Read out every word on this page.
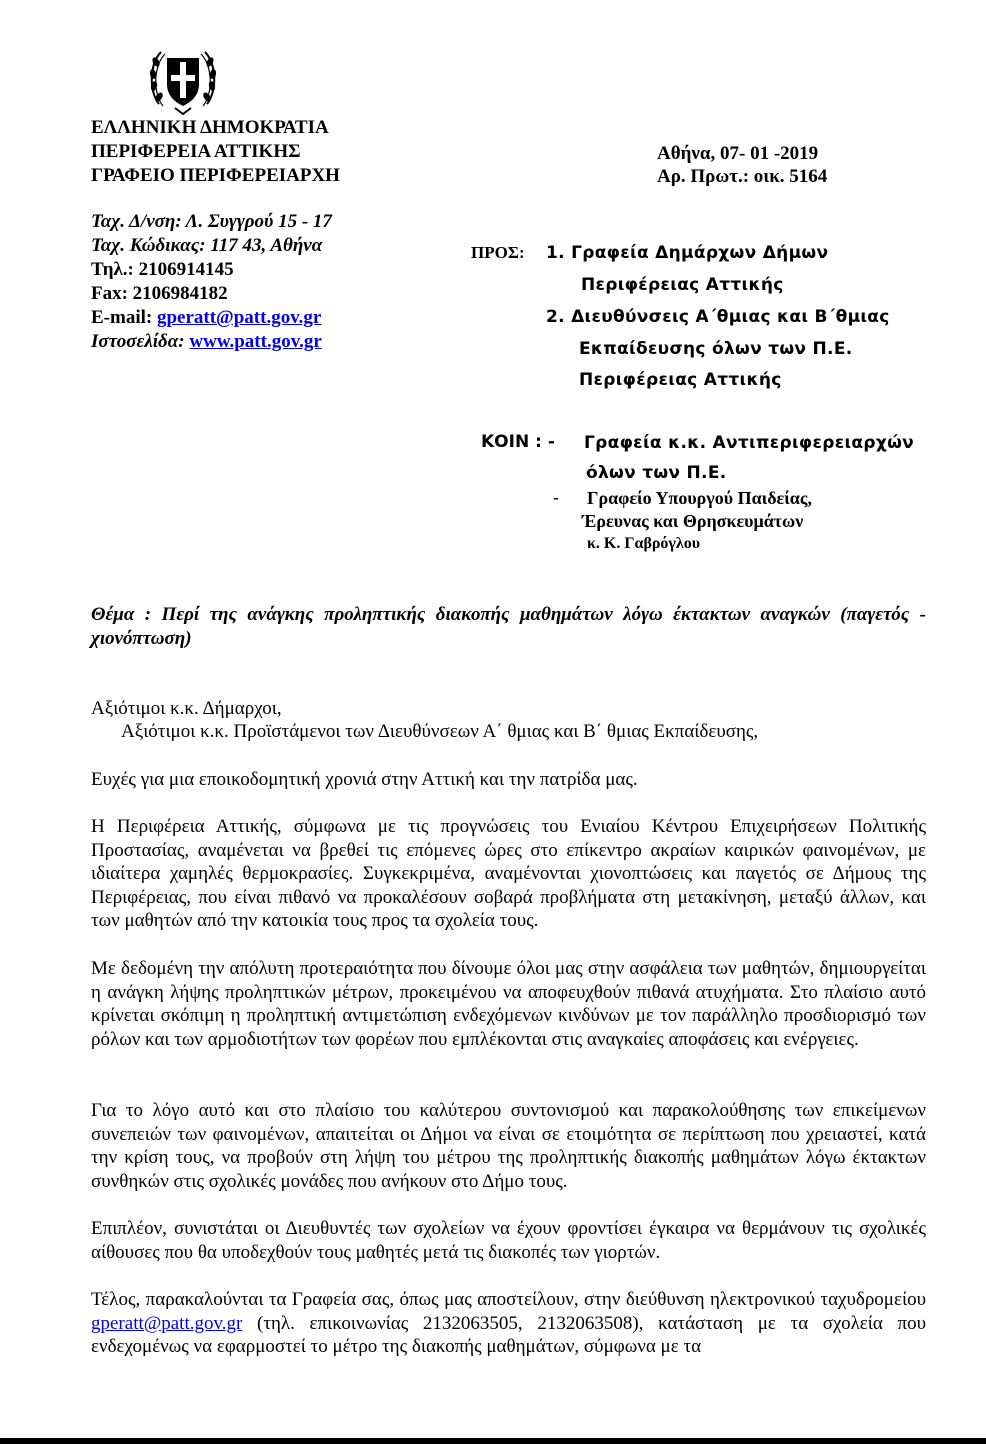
ΕΛΛΗΝΙΚΗ ΔΗΜΟΚΡΑΤΙΑ
ΠΕΡΙΦΕΡΕΙΑ ΑΤΤΙΚΗΣ
ΓΡΑΦΕΙΟ ΠΕΡΙΦΕΡΕΙΑΡΧΗ
Αθήνα, 07- 01 -2019
Αρ. Πρωτ.: οικ. 5164
Ταχ. Δ/νση: Λ. Συγγρού 15 - 17
Ταχ. Κώδικας: 117 43, Αθήνα
Τηλ.: 2106914145
Fax: 2106984182
E-mail: gperatt@patt.gov.gr
Ιστοσελίδα: www.patt.gov.gr
ΠΡΟΣ: 1. Γραφεία Δημάρχων Δήμων
Περιφέρειας Αττικής
2. Διευθύνσεις Α΄θμιας και Β΄θμιας
Εκπαίδευσης όλων των Π.Ε.
Περιφέρειας Αττικής
ΚΟΙΝ : - Γραφεία κ.κ. Αντιπεριφερειαρχών
όλων των Π.Ε.
- Γραφείο Υπουργού Παιδείας,
Έρευνας και Θρησκευμάτων
κ. Κ. Γαβρόγλου
Θέμα : Περί της ανάγκης προληπτικής διακοπής μαθημάτων λόγω έκτακτων αναγκών (παγετός - χιονόπτωση)
Αξιότιμοι κ.κ. Δήμαρχοι,
Αξιότιμοι κ.κ. Προϊστάμενοι των Διευθύνσεων Α΄ θμιας και Β΄ θμιας Εκπαίδευσης,
Ευχές για μια εποικοδομητική χρονιά στην Αττική και την πατρίδα μας.
Η Περιφέρεια Αττικής, σύμφωνα με τις προγνώσεις του Ενιαίου Κέντρου Επιχειρήσεων Πολιτικής Προστασίας, αναμένεται να βρεθεί τις επόμενες ώρες στο επίκεντρο ακραίων καιρικών φαινομένων, με ιδιαίτερα χαμηλές θερμοκρασίες. Συγκεκριμένα, αναμένονται χιονοπτώσεις και παγετός σε Δήμους της Περιφέρειας, που είναι πιθανό να προκαλέσουν σοβαρά προβλήματα στη μετακίνηση, μεταξύ άλλων, και των μαθητών από την κατοικία τους προς τα σχολεία τους.
Με δεδομένη την απόλυτη προτεραιότητα που δίνουμε όλοι μας στην ασφάλεια των μαθητών, δημιουργείται η ανάγκη λήψης προληπτικών μέτρων, προκειμένου να αποφευχθούν πιθανά ατυχήματα. Στο πλαίσιο αυτό κρίνεται σκόπιμη η προληπτική αντιμετώπιση ενδεχόμενων κινδύνων με τον παράλληλο προσδιορισμό των ρόλων και των αρμοδιοτήτων των φορέων που εμπλέκονται στις αναγκαίες αποφάσεις και ενέργειες.
Για το λόγο αυτό και στο πλαίσιο του καλύτερου συντονισμού και παρακολούθησης των επικείμενων συνεπειών των φαινομένων, απαιτείται οι Δήμοι να είναι σε ετοιμότητα σε περίπτωση που χρειαστεί, κατά την κρίση τους, να προβούν στη λήψη του μέτρου της προληπτικής διακοπής μαθημάτων λόγω έκτακτων συνθηκών στις σχολικές μονάδες που ανήκουν στο Δήμο τους.
Επιπλέον, συνιστάται οι Διευθυντές των σχολείων να έχουν φροντίσει έγκαιρα να θερμάνουν τις σχολικές αίθουσες που θα υποδεχθούν τους μαθητές μετά τις διακοπές των γιορτών.
Τέλος, παρακαλούνται τα Γραφεία σας, όπως μας αποστείλουν, στην διεύθυνση ηλεκτρονικού ταχυδρομείου gperatt@patt.gov.gr (τηλ. επικοινωνίας 2132063505, 2132063508), κατάσταση με τα σχολεία που ενδεχομένως να εφαρμοστεί το μέτρο της διακοπής μαθημάτων, σύμφωνα με τα
